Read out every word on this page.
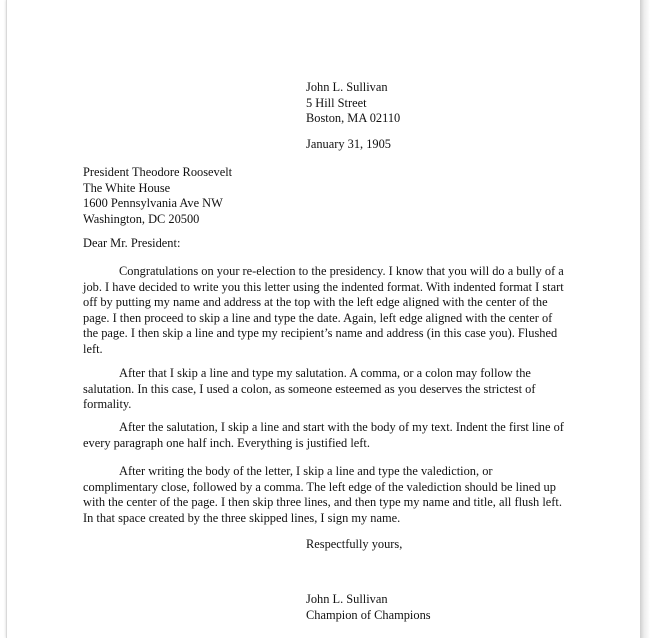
John L. Sullivan
5 Hill Street
Boston, MA 02110
January 31, 1905
President Theodore Roosevelt
The White House
1600 Pennsylvania Ave NW
Washington, DC 20500
Dear Mr. President:

Congratulations on your re-election to the presidency. I know that you will do a bully of a job. I have decided to write you this letter using the indented format. With indented format I start off by putting my name and address at the top with the left edge aligned with the center of the page. I then proceed to skip a line and type the date. Again, left edge aligned with the center of the page. I then skip a line and type my recipient’s name and address (in this case you). Flushed left.

After that I skip a line and type my salutation. A comma, or a colon may follow the salutation. In this case, I used a colon, as someone esteemed as you deserves the strictest of formality.

After the salutation, I skip a line and start with the body of my text. Indent the first line of every paragraph one half inch. Everything is justified left.

After writing the body of the letter, I skip a line and type the valediction, or complimentary close, followed by a comma. The left edge of the valediction should be lined up with the center of the page. I then skip three lines, and then type my name and title, all flush left. In that space created by the three skipped lines, I sign my name.

Respectfully yours,
John L. Sullivan
Champion of Champions
